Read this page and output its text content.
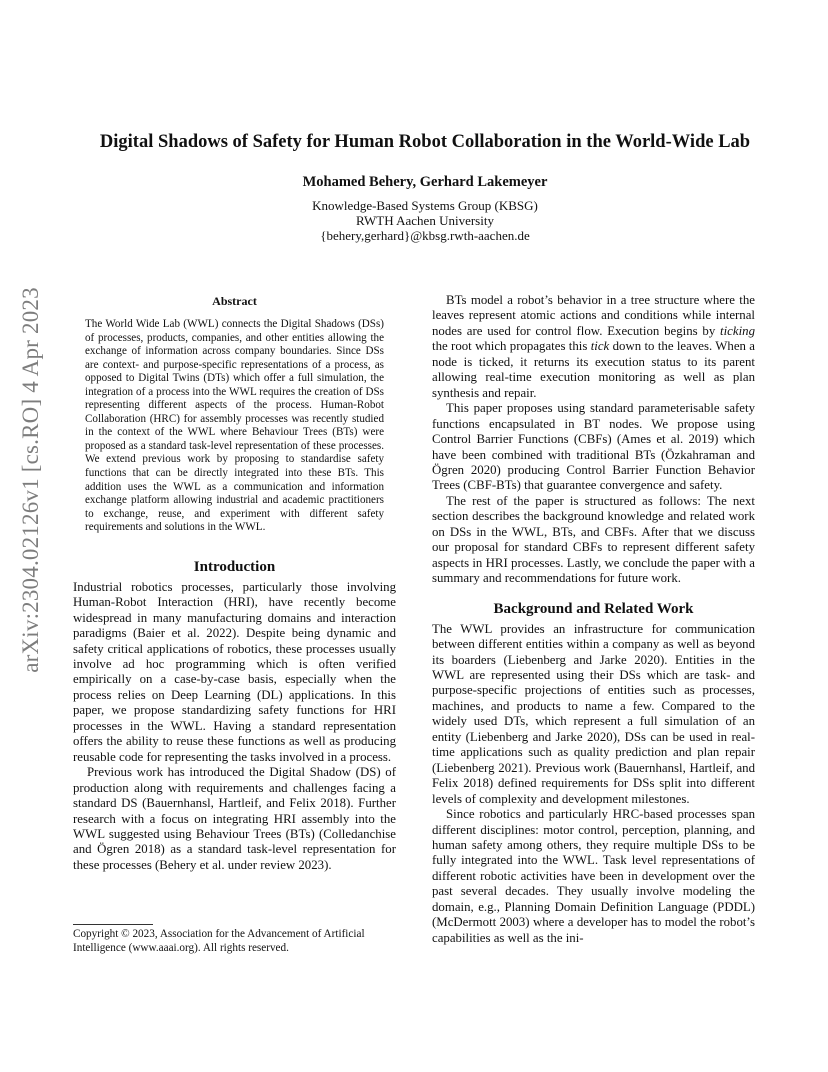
arXiv:2304.02126v1 [cs.RO] 4 Apr 2023
Digital Shadows of Safety for Human Robot Collaboration in the World-Wide Lab
Mohamed Behery, Gerhard Lakemeyer
Knowledge-Based Systems Group (KBSG)
RWTH Aachen University
{behery,gerhard}@kbsg.rwth-aachen.de
Abstract

The World Wide Lab (WWL) connects the Digital Shadows (DSs) of processes, products, companies, and other entities allowing the exchange of information across company boundaries. Since DSs are context- and purpose-specific representations of a process, as opposed to Digital Twins (DTs) which offer a full simulation, the integration of a process into the WWL requires the creation of DSs representing different aspects of the process. Human-Robot Collaboration (HRC) for assembly processes was recently studied in the context of the WWL where Behaviour Trees (BTs) were proposed as a standard task-level representation of these processes. We extend previous work by proposing to standardise safety functions that can be directly integrated into these BTs. This addition uses the WWL as a communication and information exchange platform allowing industrial and academic practitioners to exchange, reuse, and experiment with different safety requirements and solutions in the WWL.

Introduction

Industrial robotics processes, particularly those involving Human-Robot Interaction (HRI), have recently become widespread in many manufacturing domains and interaction paradigms (Baier et al. 2022). Despite being dynamic and safety critical applications of robotics, these processes usually involve ad hoc programming which is often verified empirically on a case-by-case basis, especially when the process relies on Deep Learning (DL) applications. In this paper, we propose standardizing safety functions for HRI processes in the WWL. Having a standard representation offers the ability to reuse these functions as well as producing reusable code for representing the tasks involved in a process.

Previous work has introduced the Digital Shadow (DS) of production along with requirements and challenges facing a standard DS (Bauernhansl, Hartleif, and Felix 2018). Further research with a focus on integrating HRI assembly into the WWL suggested using Behaviour Trees (BTs) (Colledanchise and Ögren 2018) as a standard task-level representation for these processes (Behery et al. under review 2023).

Copyright © 2023, Association for the Advancement of Artificial Intelligence (www.aaai.org). All rights reserved.

BTs model a robot’s behavior in a tree structure where the leaves represent atomic actions and conditions while internal nodes are used for control flow. Execution begins by ticking the root which propagates this tick down to the leaves. When a node is ticked, it returns its execution status to its parent allowing real-time execution monitoring as well as plan synthesis and repair.

This paper proposes using standard parameterisable safety functions encapsulated in BT nodes. We propose using Control Barrier Functions (CBFs) (Ames et al. 2019) which have been combined with traditional BTs (Özkahraman and Ögren 2020) producing Control Barrier Function Behavior Trees (CBF-BTs) that guarantee convergence and safety.

The rest of the paper is structured as follows: The next section describes the background knowledge and related work on DSs in the WWL, BTs, and CBFs. After that we discuss our proposal for standard CBFs to represent different safety aspects in HRI processes. Lastly, we conclude the paper with a summary and recommendations for future work.

Background and Related Work

The WWL provides an infrastructure for communication between different entities within a company as well as beyond its boarders (Liebenberg and Jarke 2020). Entities in the WWL are represented using their DSs which are task- and purpose-specific projections of entities such as processes, machines, and products to name a few. Compared to the widely used DTs, which represent a full simulation of an entity (Liebenberg and Jarke 2020), DSs can be used in real-time applications such as quality prediction and plan repair (Liebenberg 2021). Previous work (Bauernhansl, Hartleif, and Felix 2018) defined requirements for DSs split into different levels of complexity and development milestones.

Since robotics and particularly HRC-based processes span different disciplines: motor control, perception, planning, and human safety among others, they require multiple DSs to be fully integrated into the WWL. Task level representations of different robotic activities have been in development over the past several decades. They usually involve modeling the domain, e.g., Planning Domain Definition Language (PDDL) (McDermott 2003) where a developer has to model the robot’s capabilities as well as the ini-
